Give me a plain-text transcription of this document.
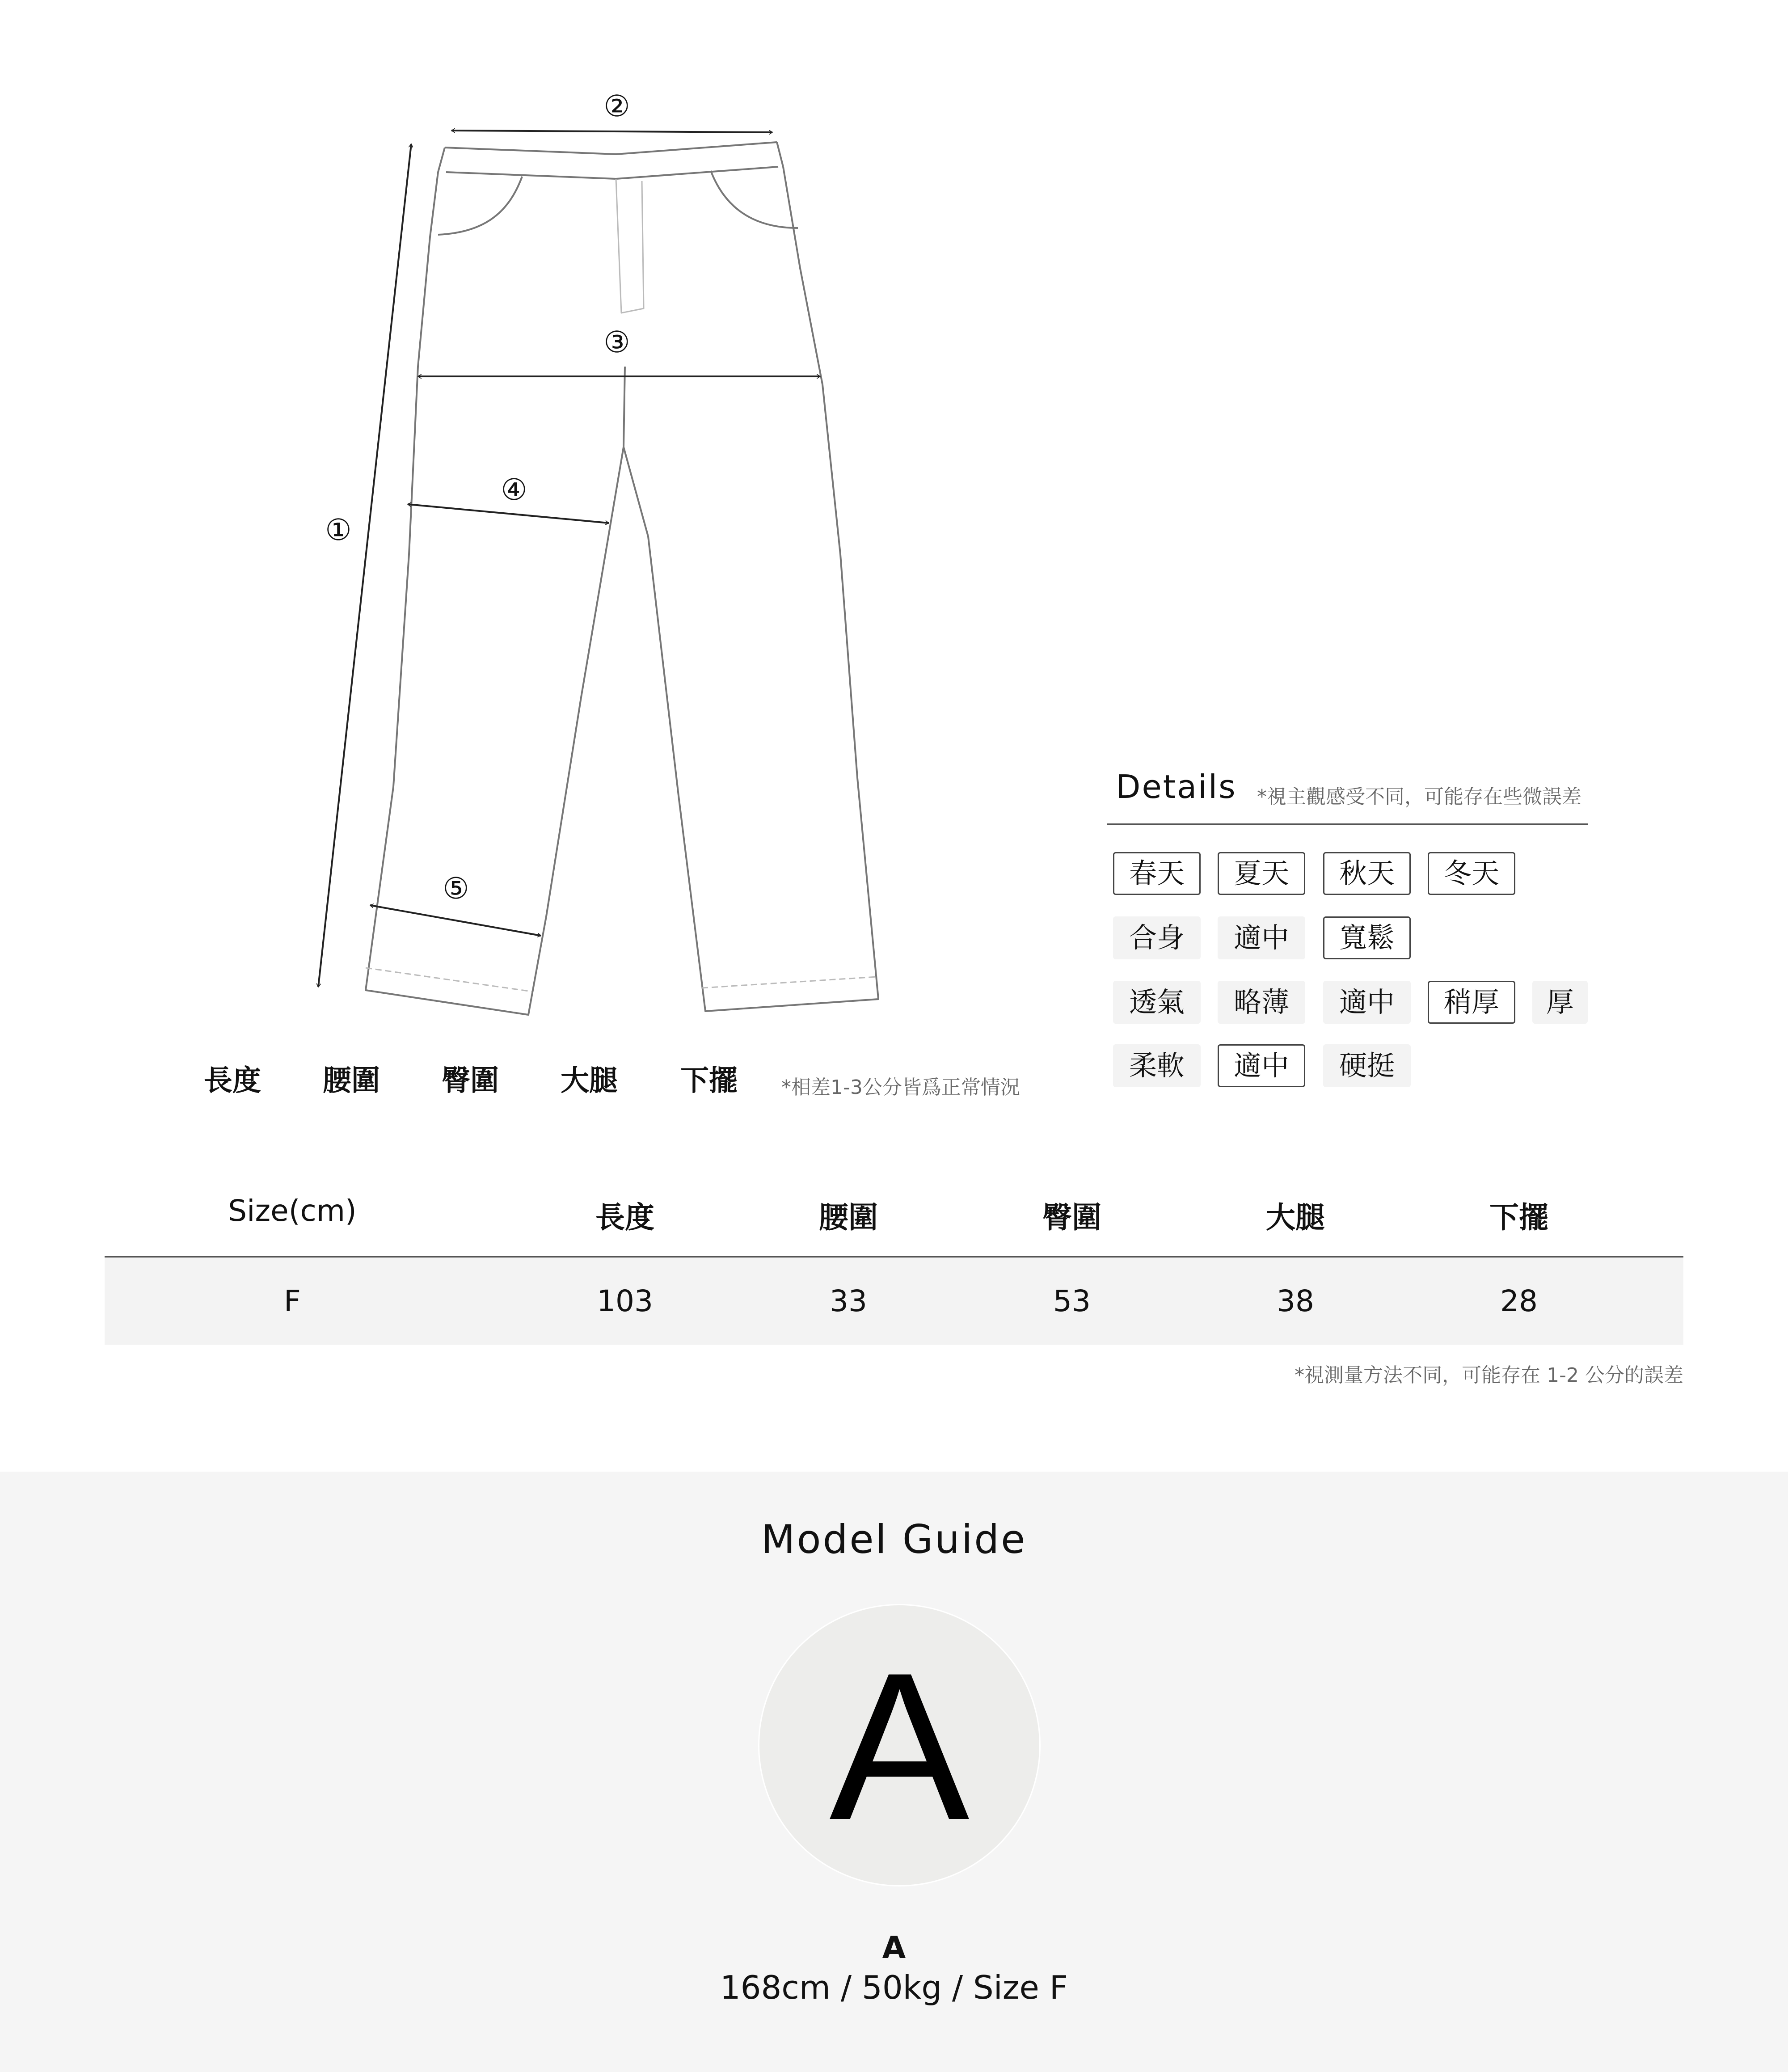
①
②
③
④
⑤
長度 腰圍 臀圍 大腿 下擺 *相差1-3公分皆爲正常情況
Details *視主觀感受不同，可能存在些微誤差
春天	夏天	秋天	冬天
合身	適中	寬鬆
透氣	略薄	適中	稍厚	厚
柔軟	適中	硬挺
Size(cm)	長度	腰圍	臀圍	大腿	下擺
F	103	33	53	38	28
*視測量方法不同，可能存在 1-2 公分的誤差
Model Guide
A
A
168cm / 50kg / Size F
